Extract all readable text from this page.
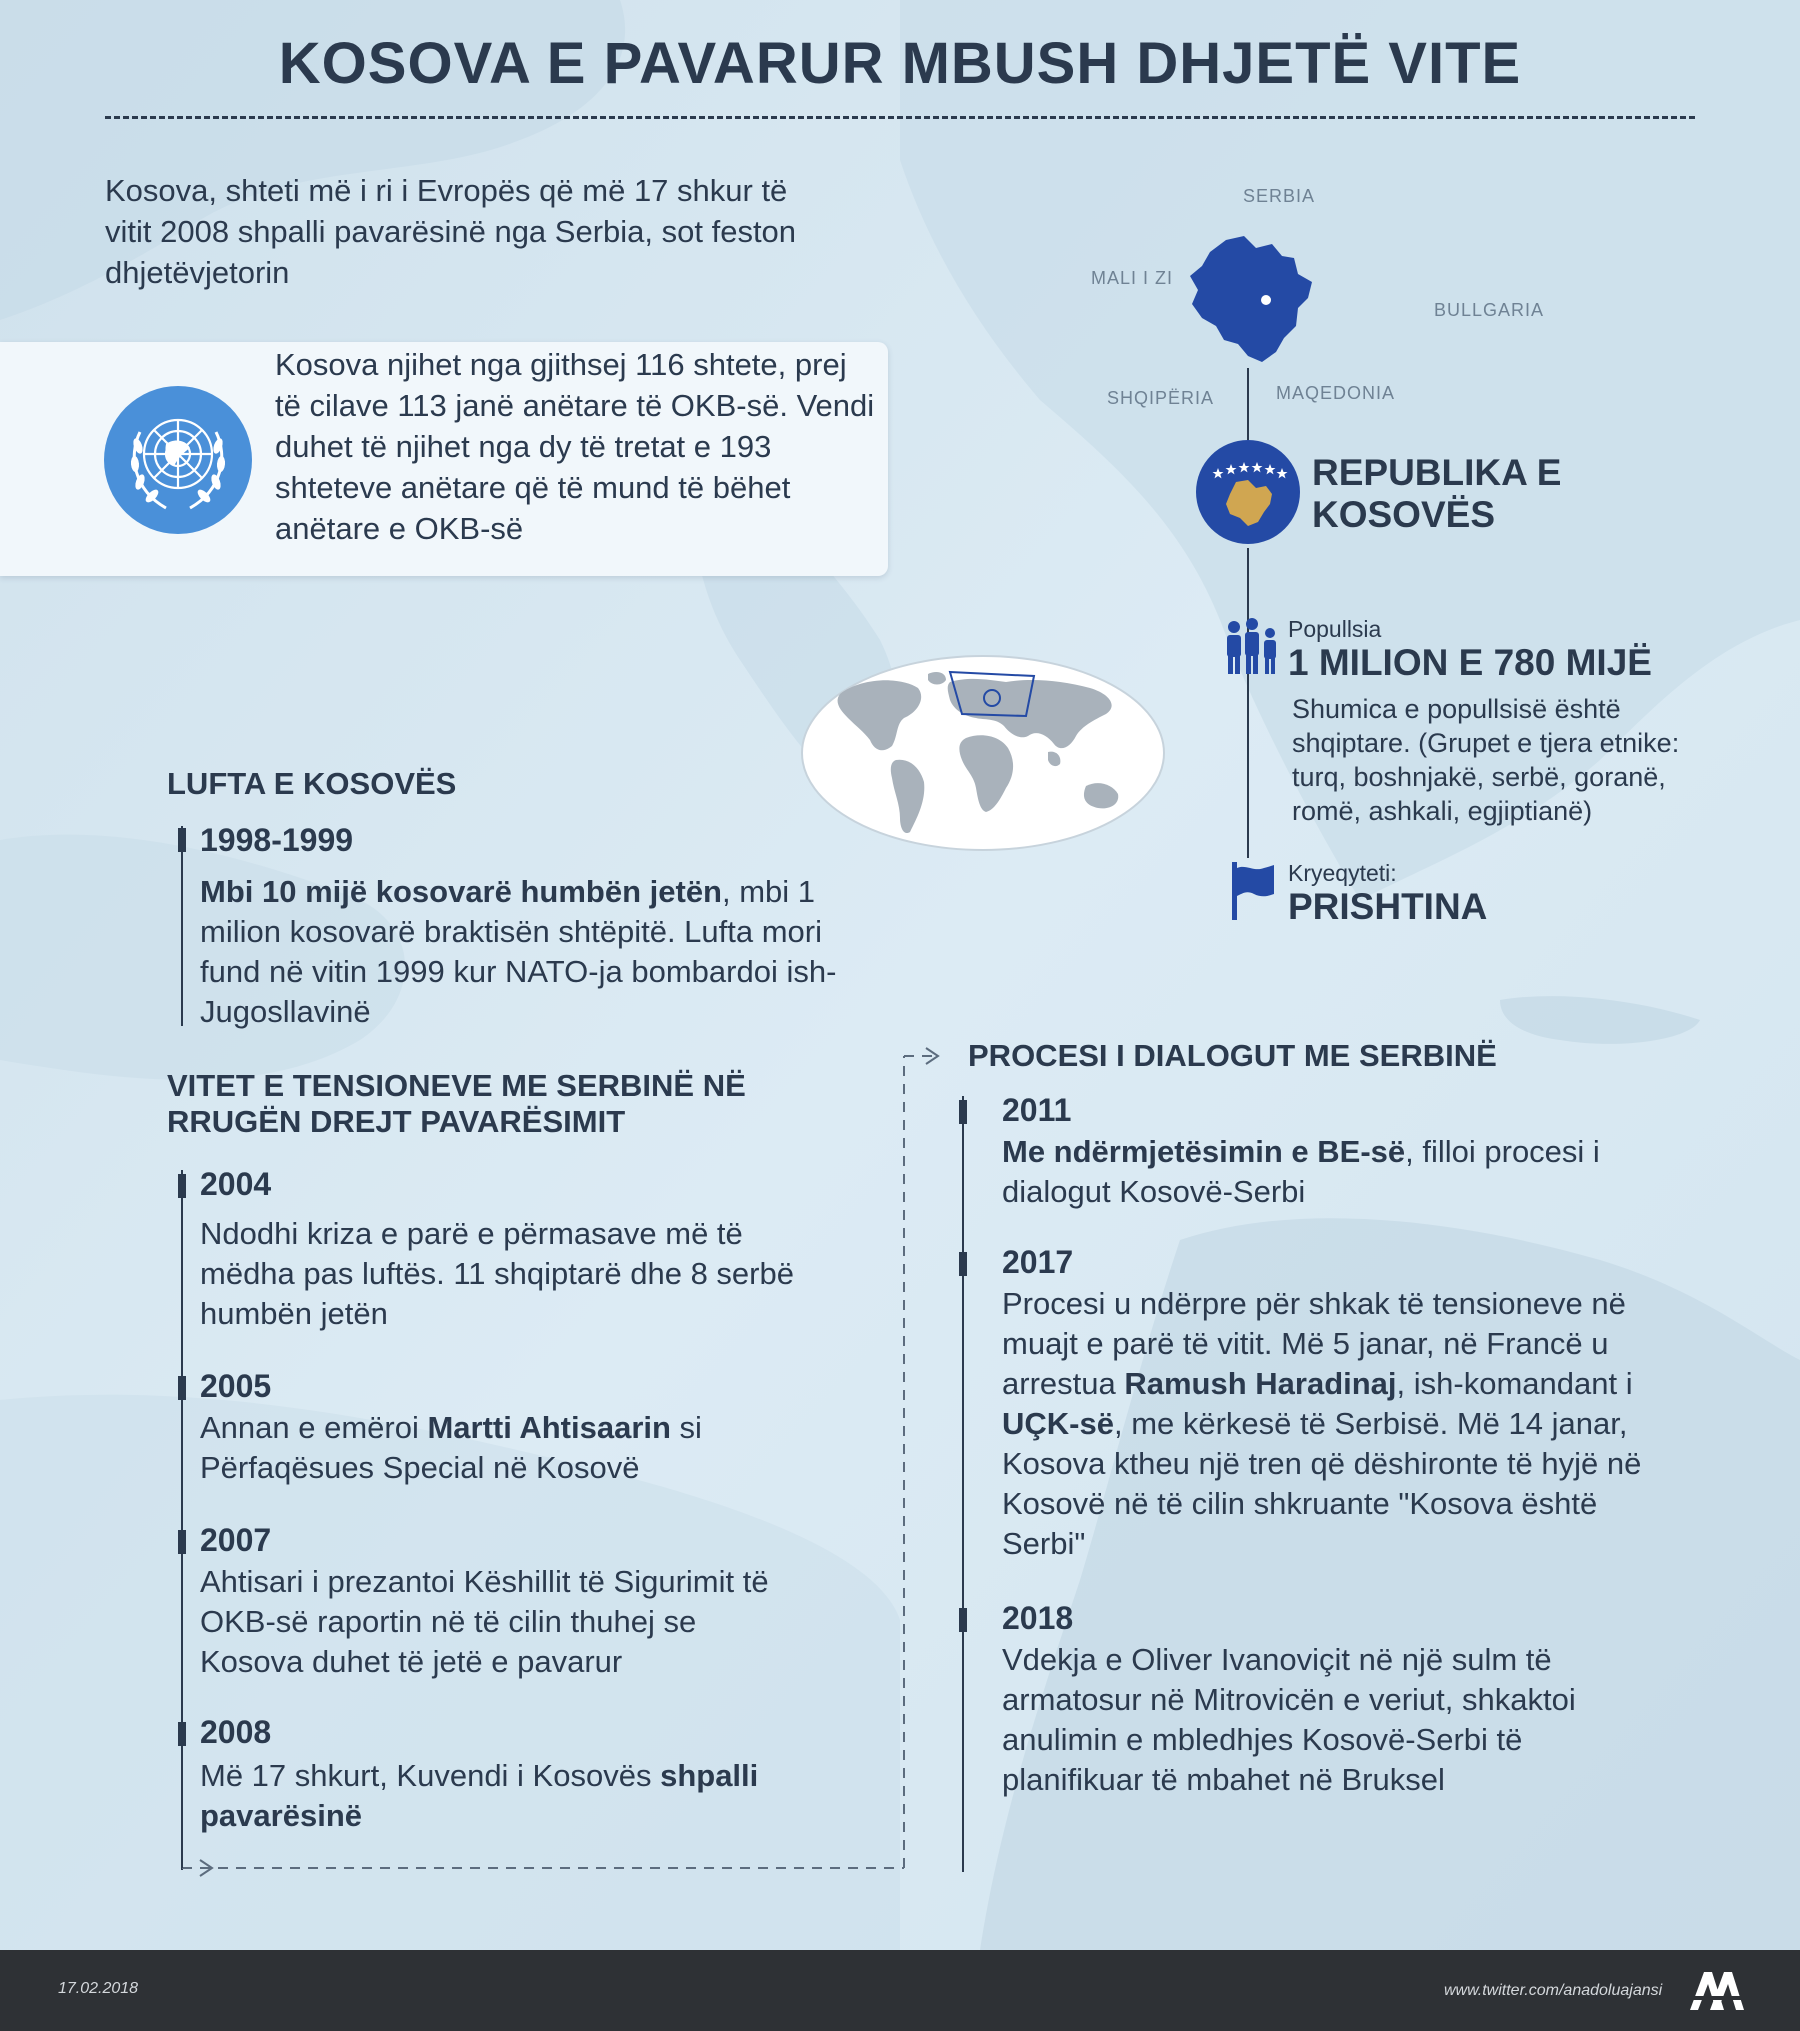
KOSOVA E PAVARUR MBUSH DHJETË VITE
Kosova, shteti më i ri i Evropës që më 17 shkur të vitit 2008 shpalli pavarësinë nga Serbia, sot feston dhjetëvjetorin
Kosova njihet nga gjithsej 116 shtete, prej të cilave 113 janë anëtare të OKB-së. Vendi duhet të njihet nga dy të tretat e 193 shteteve anëtare që të mund të bëhet anëtare e OKB-së
SERBIA
MALI I ZI
BULLGARIA
SHQIPËRIA	MAQEDONIA
REPUBLIKA E
KOSOVËS
Popullsia
1 MILION E 780 MIJË
Shumica e popullsisë është shqiptare. (Grupet e tjera etnike: turq, boshnjakë, serbë, goranë, romë, ashkali, egjiptianë)
Kryeqyteti:
PRISHTINA
LUFTA E KOSOVËS
1998-1999
Mbi 10 mijë kosovarë humbën jetën, mbi 1 milion kosovarë braktisën shtëpitë. Lufta mori fund në vitin 1999 kur NATO-ja bombardoi ish-Jugosllavinë
VITET E TENSIONEVE ME SERBINË NË
RRUGËN DREJT PAVARËSIMIT
2004
Ndodhi kriza e parë e përmasave më të mëdha pas luftës. 11 shqiptarë dhe 8 serbë humbën jetën
2005
Annan e emëroi Martti Ahtisaarin si Përfaqësues Special në Kosovë
2007
Ahtisari i prezantoi Këshillit të Sigurimit të OKB-së raportin në të cilin thuhej se Kosova duhet të jetë e pavarur
2008
Më 17 shkurt, Kuvendi i Kosovës shpalli pavarësinë
PROCESI I DIALOGUT ME SERBINË
2011
Me ndërmjetësimin e BE-së, filloi procesi i dialogut Kosovë-Serbi
2017
Procesi u ndërpre për shkak të tensioneve në muajt e parë të vitit. Më 5 janar, në Francë u arrestua Ramush Haradinaj, ish-komandant i UÇK-së, me kërkesë të Serbisë. Më 14 janar, Kosova ktheu një tren që dëshironte të hyjë në Kosovë në të cilin shkruante "Kosova është Serbi"
2018
Vdekja e Oliver Ivanoviçit në një sulm të armatosur në Mitrovicën e veriut, shkaktoi anulimin e mbledhjes Kosovë-Serbi të planifikuar të mbahet në Bruksel
17.02.2018	www.twitter.com/anadoluajansi
